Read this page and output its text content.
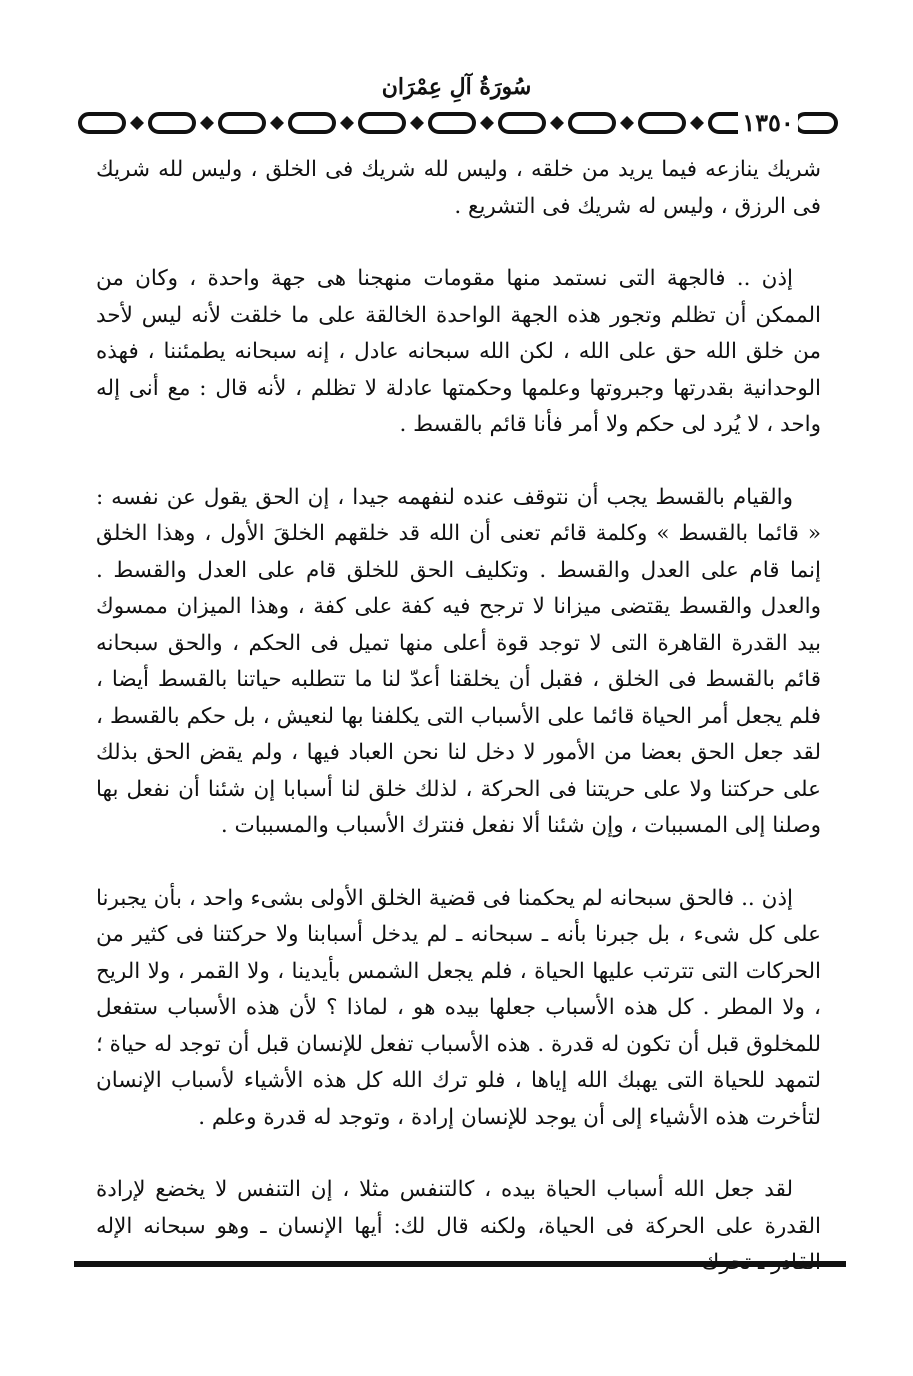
سُورَةُ آلِ عِمْرَان
١٣٥٠

شريك ينازعه فيما يريد من خلقه ، وليس لله شريك فى الخلق ، وليس لله شريك فى الرزق ، وليس له شريك فى التشريع .

إذن .. فالجهة التى نستمد منها مقومات منهجنا هى جهة واحدة ، وكان من الممكن أن تظلم وتجور هذه الجهة الواحدة الخالقة على ما خلقت لأنه ليس لأحد من خلق الله حق على الله ، لكن الله سبحانه عادل ، إنه سبحانه يطمئننا ، فهذه الوحدانية بقدرتها وجبروتها وعلمها وحكمتها عادلة لا تظلم ، لأنه قال : مع أنى إله واحد ، لا يُرد لى حكم ولا أمر فأنا قائم بالقسط .

والقيام بالقسط يجب أن نتوقف عنده لنفهمه جيدا ، إن الحق يقول عن نفسه : « قائما بالقسط » وكلمة قائم تعنى أن الله قد خلقهم الخلقَ الأول ، وهذا الخلق إنما قام على العدل والقسط . وتكليف الحق للخلق قام على العدل والقسط . والعدل والقسط يقتضى ميزانا لا ترجح فيه كفة على كفة ، وهذا الميزان ممسوك بيد القدرة القاهرة التى لا توجد قوة أعلى منها تميل فى الحكم ، والحق سبحانه قائم بالقسط فى الخلق ، فقبل أن يخلقنا أعدّ لنا ما تتطلبه حياتنا بالقسط أيضا ، فلم يجعل أمر الحياة قائما على الأسباب التى يكلفنا بها لنعيش ، بل حكم بالقسط ، لقد جعل الحق بعضا من الأمور لا دخل لنا نحن العباد فيها ، ولم يقض الحق بذلك على حركتنا ولا على حريتنا فى الحركة ، لذلك خلق لنا أسبابا إن شئنا أن نفعل بها وصلنا إلى المسببات ، وإن شئنا ألا نفعل فنترك الأسباب والمسببات .

إذن .. فالحق سبحانه لم يحكمنا فى قضية الخلق الأولى بشىء واحد ، بأن يجبرنا على كل شىء ، بل جبرنا بأنه ـ سبحانه ـ لم يدخل أسبابنا ولا حركتنا فى كثير من الحركات التى تترتب عليها الحياة ، فلم يجعل الشمس بأيدينا ، ولا القمر ، ولا الريح ، ولا المطر . كل هذه الأسباب جعلها بيده هو ، لماذا ؟ لأن هذه الأسباب ستفعل للمخلوق قبل أن تكون له قدرة . هذه الأسباب تفعل للإنسان قبل أن توجد له حياة ؛ لتمهد للحياة التى يهبك الله إياها ، فلو ترك الله كل هذه الأشياء لأسباب الإنسان لتأخرت هذه الأشياء إلى أن يوجد للإنسان إرادة ، وتوجد له قدرة وعلم .

لقد جعل الله أسباب الحياة بيده ، كالتنفس مثلا ، إن التنفس لا يخضع لإرادة القدرة على الحركة فى الحياة، ولكنه قال لك: أيها الإنسان ـ وهو سبحانه الإله
